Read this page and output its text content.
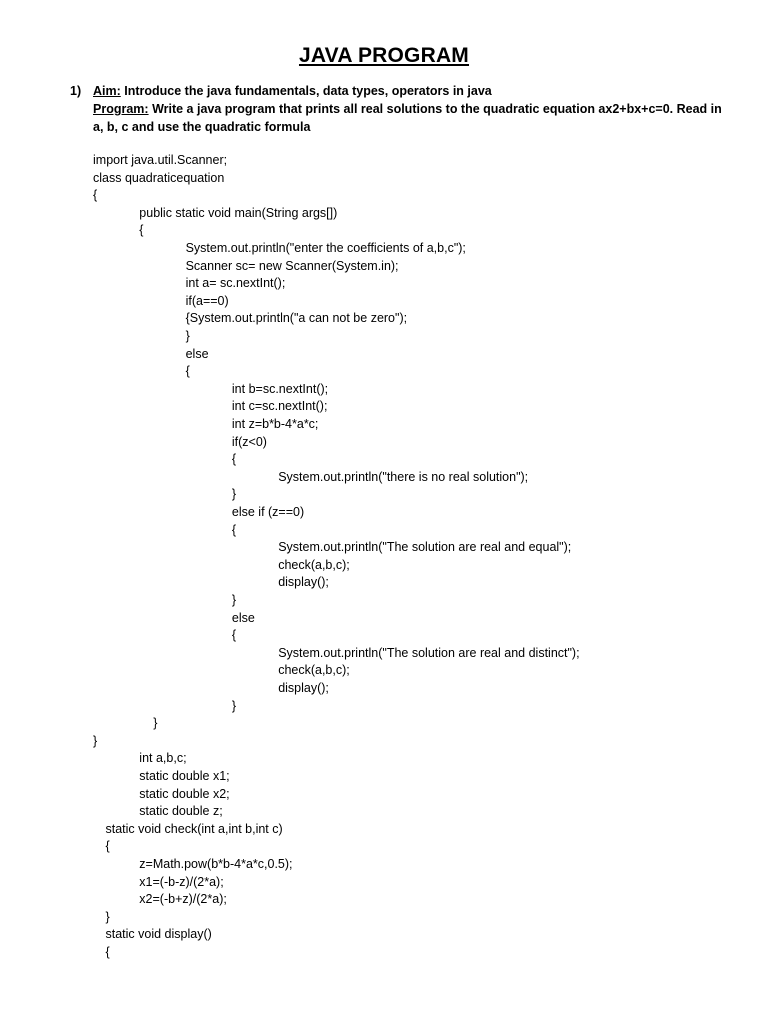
JAVA PROGRAM
1) Aim: Introduce the java fundamentals, data types, operators in java
Program: Write a java program that prints all real solutions to the quadratic equation ax2+bx+c=0. Read in a, b, c and use the quadratic formula
import java.util.Scanner;
class quadraticequation
{
public static void main(String args[])
{
System.out.println("enter the coefficients of a,b,c");
Scanner sc= new Scanner(System.in);
int a= sc.nextInt();
if(a==0)
{System.out.println("a can not be zero");
}
else
{
int b=sc.nextInt();
int c=sc.nextInt();
int z=b*b-4*a*c;
if(z<0)
{
System.out.println("there is no real solution");
}
else if (z==0)
{
System.out.println("The solution are real and equal");
check(a,b,c);
display();
}
else
{
System.out.println("The solution are real and distinct");
check(a,b,c);
display();
}
}
}
int a,b,c;
static double x1;
static double x2;
static double z;
static void check(int a,int b,int c)
{
z=Math.pow(b*b-4*a*c,0.5);
x1=(-b-z)/(2*a);
x2=(-b+z)/(2*a);
}
static void display()
{
